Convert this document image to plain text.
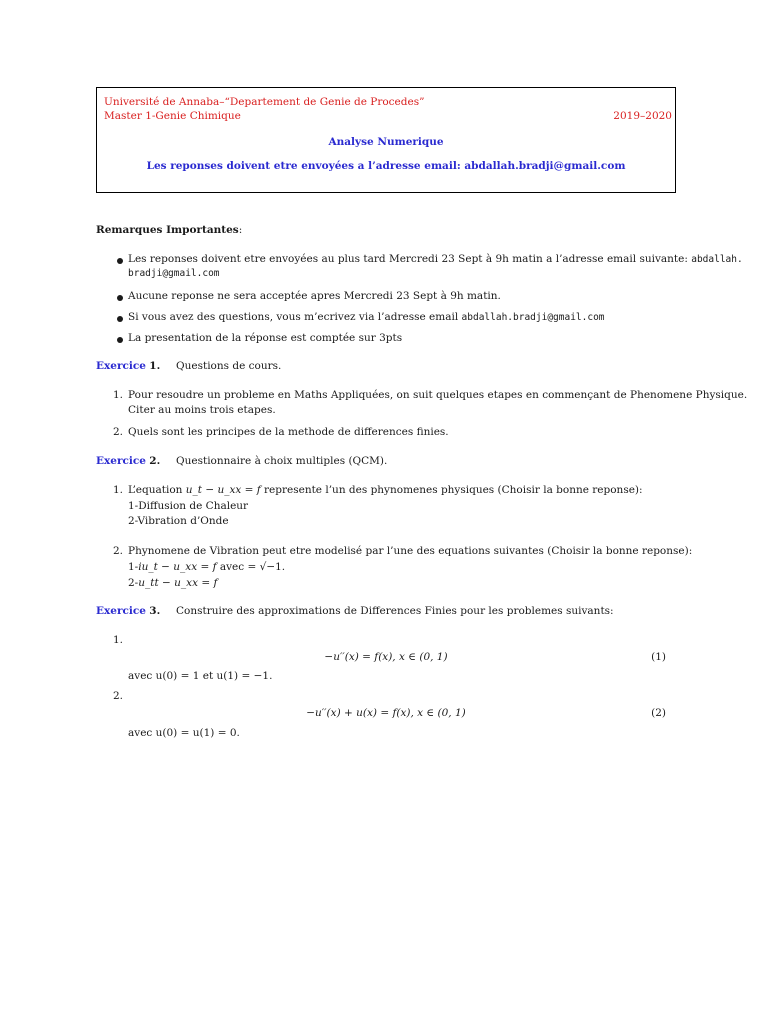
Université de Annaba–“Departement de Genie de Procedes”
Master 1-Genie Chimique	2019–2020
Analyse Numerique
Les reponses doivent etre envoyées a l’adresse email: abdallah.bradji@gmail.com
Remarques Importantes:
Les reponses doivent etre envoyées au plus tard Mercredi 23 Sept à 9h matin a l’adresse email suivante: abdallah.
bradji@gmail.com
Aucune reponse ne sera acceptée apres Mercredi 23 Sept à 9h matin.
Si vous avez des questions, vous m’ecrivez via l’adresse email abdallah.bradji@gmail.com
La presentation de la réponse est comptée sur 3pts
Exercice 1. Questions de cours.
1. Pour resoudre un probleme en Maths Appliquées, on suit quelques etapes en commençant de Phenomene Physique.
Citer au moins trois etapes.
2. Quels sont les principes de la methode de differences finies.
Exercice 2. Questionnaire à choix multiples (QCM).
1. L’equation u_t − u_xx = f represente l’un des phynomenes physiques (Choisir la bonne reponse):
1-Diffusion de Chaleur
2-Vibration d’Onde
2. Phynomene de Vibration peut etre modelisé par l’une des equations suivantes (Choisir la bonne reponse):
1-iu_t − u_xx = f avec = √−1.
2-u_tt − u_xx = f
Exercice 3. Construire des approximations de Differences Finies pour les problemes suivants:
1.
−u′′(x) = f(x), x ∈ (0, 1)	(1)
avec u(0) = 1 et u(1) = −1.
2.
−u′′(x) + u(x) = f(x), x ∈ (0, 1)	(2)
avec u(0) = u(1) = 0.
